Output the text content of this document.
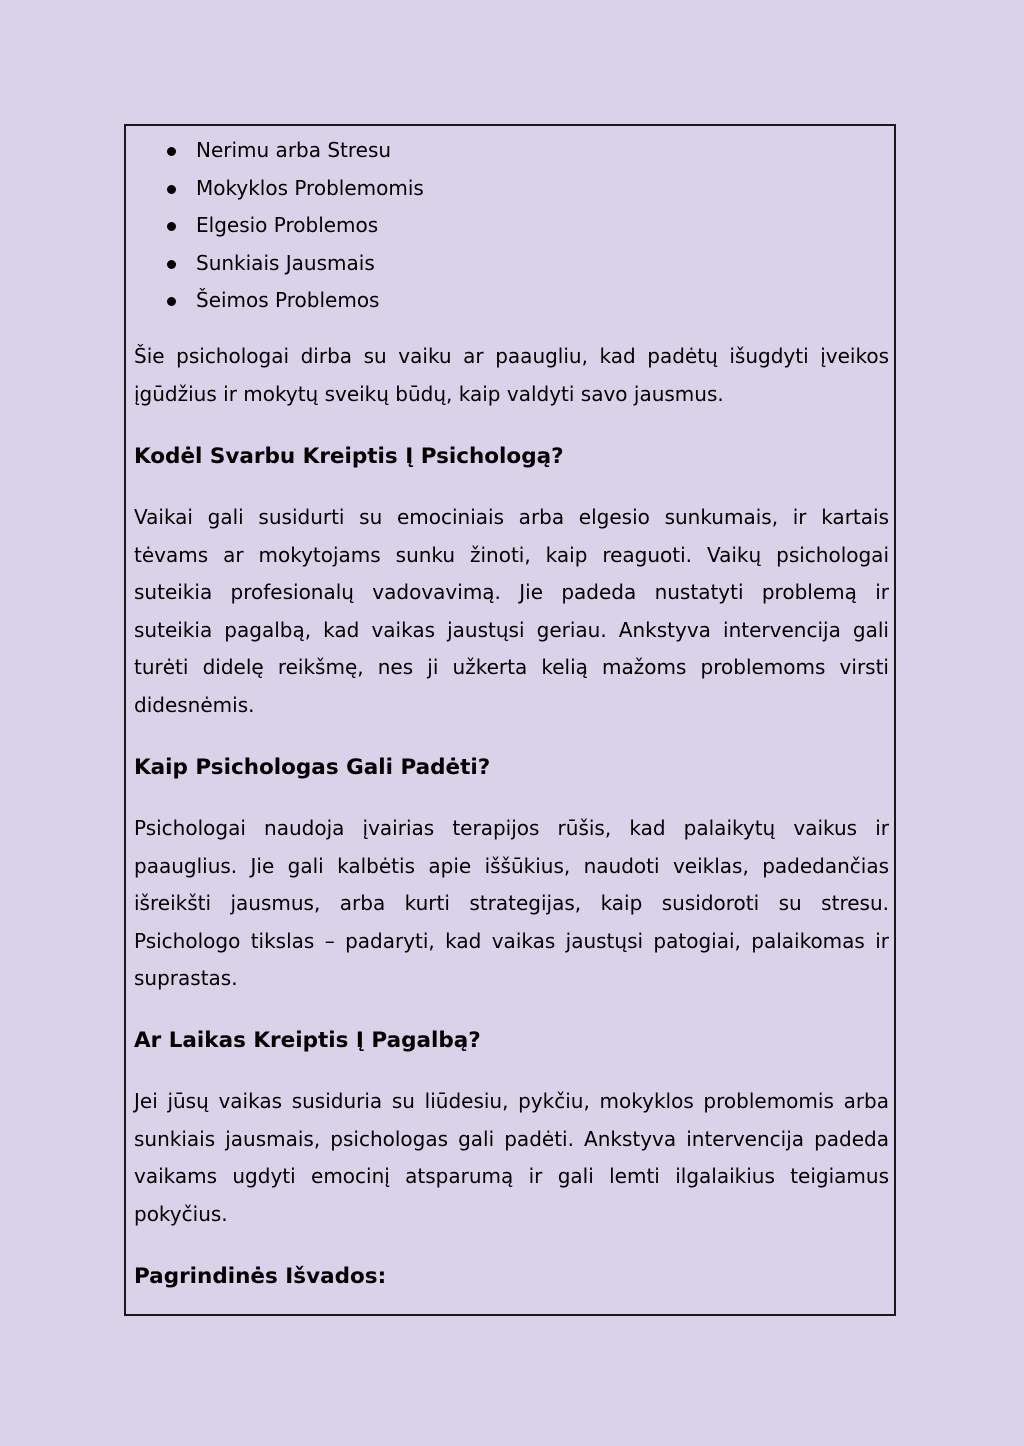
Nerimu arba Stresu
Mokyklos Problemomis
Elgesio Problemos
Sunkiais Jausmais
Šeimos Problemos

Šie psichologai dirba su vaiku ar paaugliu, kad padėtų išugdyti įveikos įgūdžius ir mokytų sveikų būdų, kaip valdyti savo jausmus.

Kodėl Svarbu Kreiptis Į Psichologą?

Vaikai gali susidurti su emociniais arba elgesio sunkumais, ir kartais tėvams ar mokytojams sunku žinoti, kaip reaguoti. Vaikų psichologai suteikia profesionalų vadovavimą. Jie padeda nustatyti problemą ir suteikia pagalbą, kad vaikas jaustųsi geriau. Ankstyva intervencija gali turėti didelę reikšmę, nes ji užkerta kelią mažoms problemoms virsti didesnėmis.

Kaip Psichologas Gali Padėti?

Psichologai naudoja įvairias terapijos rūšis, kad palaikytų vaikus ir paauglius. Jie gali kalbėtis apie iššūkius, naudoti veiklas, padedančias išreikšti jausmus, arba kurti strategijas, kaip susidoroti su stresu. Psichologo tikslas – padaryti, kad vaikas jaustųsi patogiai, palaikomas ir suprastas.

Ar Laikas Kreiptis Į Pagalbą?

Jei jūsų vaikas susiduria su liūdesiu, pykčiu, mokyklos problemomis arba sunkiais jausmais, psichologas gali padėti. Ankstyva intervencija padeda vaikams ugdyti emocinį atsparumą ir gali lemti ilgalaikius teigiamus pokyčius.

Pagrindinės Išvados:
